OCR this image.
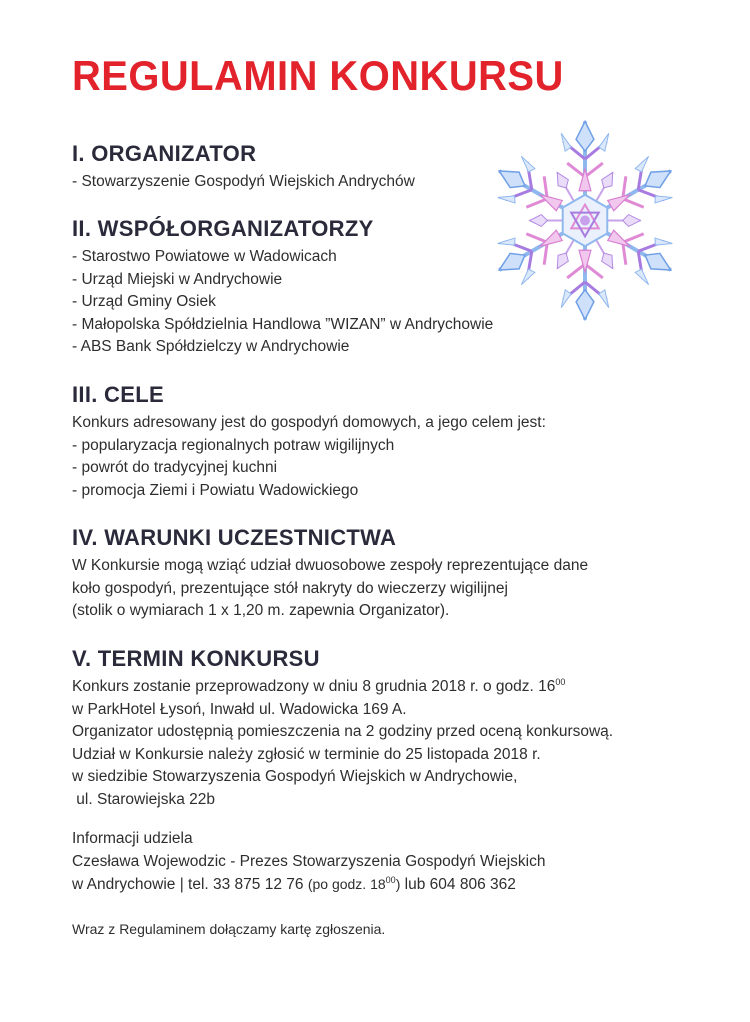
REGULAMIN KONKURSU
I. ORGANIZATOR
- Stowarzyszenie Gospodyń Wiejskich Andrychów
II. WSPÓŁORGANIZATORZY
- Starostwo Powiatowe w Wadowicach
- Urząd Miejski w Andrychowie
- Urząd Gminy Osiek
- Małopolska Spółdzielnia Handlowa ”WIZAN” w Andrychowie
- ABS Bank Spółdzielczy w Andrychowie
III. CELE
Konkurs adresowany jest do gospodyń domowych, a jego celem jest:
- popularyzacja regionalnych potraw wigilijnych
- powrót do tradycyjnej kuchni
- promocja Ziemi i Powiatu Wadowickiego
IV. WARUNKI UCZESTNICTWA
W Konkursie mogą wziąć udział dwuosobowe zespoły reprezentujące dane
koło gospodyń, prezentujące stół nakryty do wieczerzy wigilijnej
(stolik o wymiarach 1 x 1,20 m. zapewnia Organizator).
V. TERMIN KONKURSU
Konkurs zostanie przeprowadzony w dniu 8 grudnia 2018 r. o godz. $16^{00}$
w ParkHotel Łysoń, Inwałd ul. Wadowicka 169 A.
Organizator udostępnią pomieszczenia na 2 godziny przed oceną konkursową.
Udział w Konkursie należy zgłosić w terminie do 25 listopada 2018 r.
w siedzibie Stowarzyszenia Gospodyń Wiejskich w Andrychowie,
ul. Starowiejska 22b
Informacji udziela
Czesława Wojewodzic - Prezes Stowarzyszenia Gospodyń Wiejskich
w Andrychowie | tel. 33 875 12 76 (po godz. $18^{00}$) lub 604 806 362
Wraz z Regulaminem dołączamy kartę zgłoszenia.
